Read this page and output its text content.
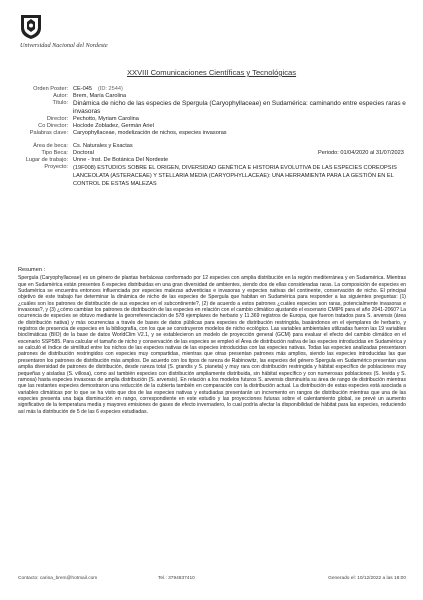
Universidad Nacional del Nordeste
XXVIII Comunicaciones Científicas y Tecnológicas
Orden Poster: CE-045 (ID: 2544)
Autor: Brem, María Carolina
Título: Dinámica de nicho de las especies de Spergula (Caryophyllaceae) en Sudamérica: caminando entre especies raras e invasoras
Director: Pechotto, Myriam Carolina
Co Director: Hoclode Zobladez, Germán Ariel
Palabras clave: Caryophyllaceae, modelización de nichos, especies invasoras
Área de beca: Cs. Naturales y Exactas
Tipo Beca: Doctoral	Periodo: 01/04/2020 al 31/07/2023
Lugar de trabajo: Unne - Inst. De Botánica Del Nordeste
Proyecto: (19F008) ESTUDIOS SOBRE EL ORIGEN, DIVERSIDAD GENÉTICA E HISTORIA EVOLUTIVA DE LAS ESPECIES COREOPSIS LANCEOLATA (ASTERACEAE) Y STELLARIA MEDIA (CARYOPHYLLACEAE): UNA HERRAMIENTA PARA LA GESTIÓN EN EL CONTROL DE ESTAS MALEZAS
Resumen :
Spergula (Caryophyllaceae) es un género de plantas herbáceas conformado por 12 especies con amplia distribución en la región mediterránea y en Sudamérica. Mientras que en Sudamérica están presentes 6 especies distribuidas en una gran diversidad de ambientes, siendo dos de ellas consideradas raras. La composición de especies en Sudamérica se encuentra entonces influenciada por especies malezas adventicias e invasoras y especies nativas del continente, conservación de nicho. El principal objetivo de este trabajo fue determinar la dinámica de nicho de las especies de Spergula que habitan en Sudamérica para responder a las siguientes preguntas: (1) ¿cuáles son los patrones de distribución de sus especies en el subcontinente?, (2) de acuerdo a estos patrones ¿cuáles especies son raras, potencialmente invasoras e invasoras?, y (3) ¿cómo cambian los patrones de distribución de las especies en relación con el cambio climático ajustando el escenario CMIP6 para el año 2041-2060? La ocurrencia de especies se obtuvo mediante la georreferenciación de 578 ejemplares de herbario y 11.369 registros de Europa, que fueron tratados para S. arvensis (área de distribución nativa) y más ocurrencias a través de bases de datos públicas para especies de distribución restringida, basándonos en el ejemplares de herbario, y registros de presencia de especies en la bibliografía, con los que se construyeron modelos de nicho ecológico. Las variables ambientales utilizadas fueron las 19 variables bioclimáticas (BIO) de la base de datos WorldClim V2.1, y se establecieron un modelo de proyección general (GCM) para evaluar el efecto del cambio climático en el escenario SSP585. Para calcular el tamaño de nicho y conservación de las especies se empleó el Área de distribución nativa de las especies introducidas en Sudamérica y se calculó el índice de similitud entre los nichos de las especies nativas de las especies introducidas con las especies nativas. Todas las especies analizadas presentaron patrones de distribución restringidos con especies muy compartidas, mientras que otras presentan patrones más amplios, siendo las especies introducidas las que presentaron los patrones de distribución más amplios. De acuerdo con los tipos de rareza de Rabinowitz, las especies del género Spergula en Sudamérico presentan una amplia diversidad de patrones de distribución, desde rareza total (S. grandis y S. pianeta) y muy rara con distribución restringida y hábitat específico de poblaciones muy pequeñas y aisladas (S. villosa), como así también especies con distribución ampliamente distribuida, sin hábitat específico y con numerosas poblaciones (S. levida y S. ramosa) hasta especies invasoras de amplia distribución (S. arvensis). En relación a los modelos futuros S. arvensis disminuiría su área de rango de distribución mientras que las restantes especies demostraron una reducción de la cubierta también en comparación con la distribución actual. La distribución de estas especies está asociada a variables climáticas por lo que se ha visto que dos de las especies nativas y estudiadas presentarán un incremento en rangos de distribución mientras que una de las especies presenta una baja disminución en rango, correspondiente en este estudio y las proyecciones futuras sobre el calentamiento global, se prevé un aumento significativo de la temperatura media y mayores emisiones de gases de efecto invernadero, lo cual podría afectar la disponibilidad de hábitat para las especies, reduciendo así más la distribución de 5 de las 6 especies estudiadas.
Contacto: carina_brem@hotmail.com	Tel.: 3794837410	Generado el: 10/12/2022 a las 18:00
